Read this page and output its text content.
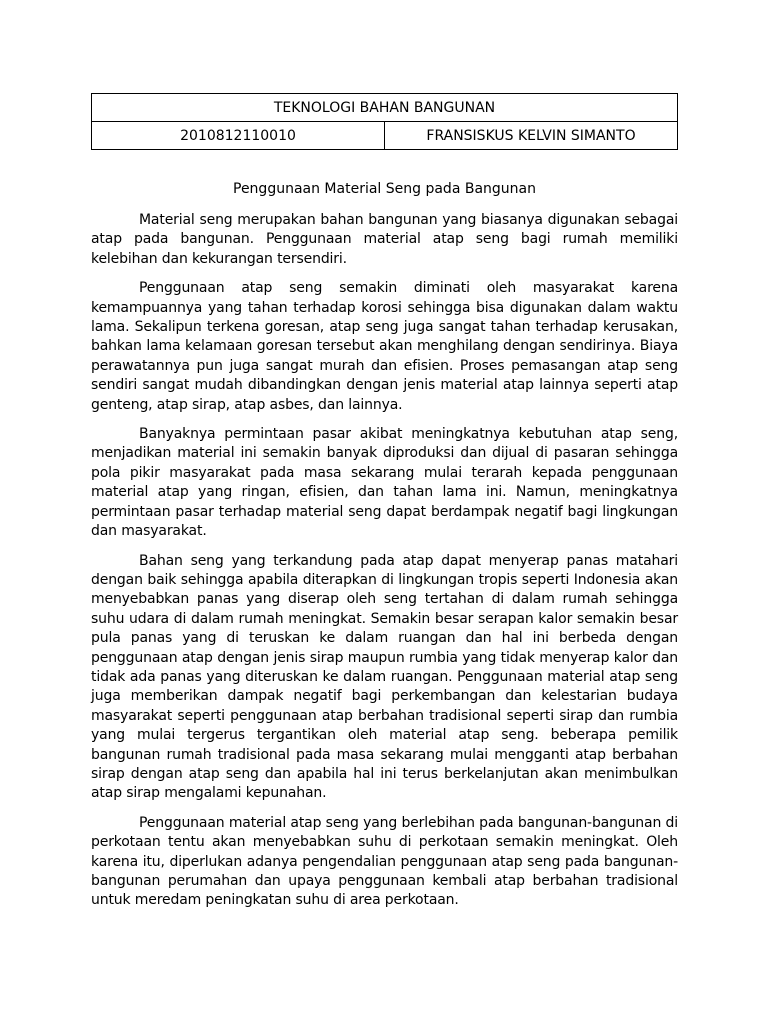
TEKNOLOGI BAHAN BANGUNAN
2010812110010	FRANSISKUS KELVIN SIMANTO
Penggunaan Material Seng pada Bangunan

Material seng merupakan bahan bangunan yang biasanya digunakan sebagai atap pada bangunan. Penggunaan material atap seng bagi rumah memiliki kelebihan dan kekurangan tersendiri.

Penggunaan atap seng semakin diminati oleh masyarakat karena kemampuannya yang tahan terhadap korosi sehingga bisa digunakan dalam waktu lama. Sekalipun terkena goresan, atap seng juga sangat tahan terhadap kerusakan, bahkan lama kelamaan goresan tersebut akan menghilang dengan sendirinya. Biaya perawatannya pun juga sangat murah dan efisien. Proses pemasangan atap seng sendiri sangat mudah dibandingkan dengan jenis material atap lainnya seperti atap genteng, atap sirap, atap asbes, dan lainnya.

Banyaknya permintaan pasar akibat meningkatnya kebutuhan atap seng, menjadikan material ini semakin banyak diproduksi dan dijual di pasaran sehingga pola pikir masyarakat pada masa sekarang mulai terarah kepada penggunaan material atap yang ringan, efisien, dan tahan lama ini. Namun, meningkatnya permintaan pasar terhadap material seng dapat berdampak negatif bagi lingkungan dan masyarakat.

Bahan seng yang terkandung pada atap dapat menyerap panas matahari dengan baik sehingga apabila diterapkan di lingkungan tropis seperti Indonesia akan menyebabkan panas yang diserap oleh seng tertahan di dalam rumah sehingga suhu udara di dalam rumah meningkat. Semakin besar serapan kalor semakin besar pula panas yang di teruskan ke dalam ruangan dan hal ini berbeda dengan penggunaan atap dengan jenis sirap maupun rumbia yang tidak menyerap kalor dan tidak ada panas yang diteruskan ke dalam ruangan. Penggunaan material atap seng juga memberikan dampak negatif bagi perkembangan dan kelestarian budaya masyarakat seperti penggunaan atap berbahan tradisional seperti sirap dan rumbia yang mulai tergerus tergantikan oleh material atap seng. beberapa pemilik bangunan rumah tradisional pada masa sekarang mulai mengganti atap berbahan sirap dengan atap seng dan apabila hal ini terus berkelanjutan akan menimbulkan atap sirap mengalami kepunahan.

Penggunaan material atap seng yang berlebihan pada bangunan-bangunan di perkotaan tentu akan menyebabkan suhu di perkotaan semakin meningkat. Oleh karena itu, diperlukan adanya pengendalian penggunaan atap seng pada bangunan-bangunan perumahan dan upaya penggunaan kembali atap berbahan tradisional untuk meredam peningkatan suhu di area perkotaan.
